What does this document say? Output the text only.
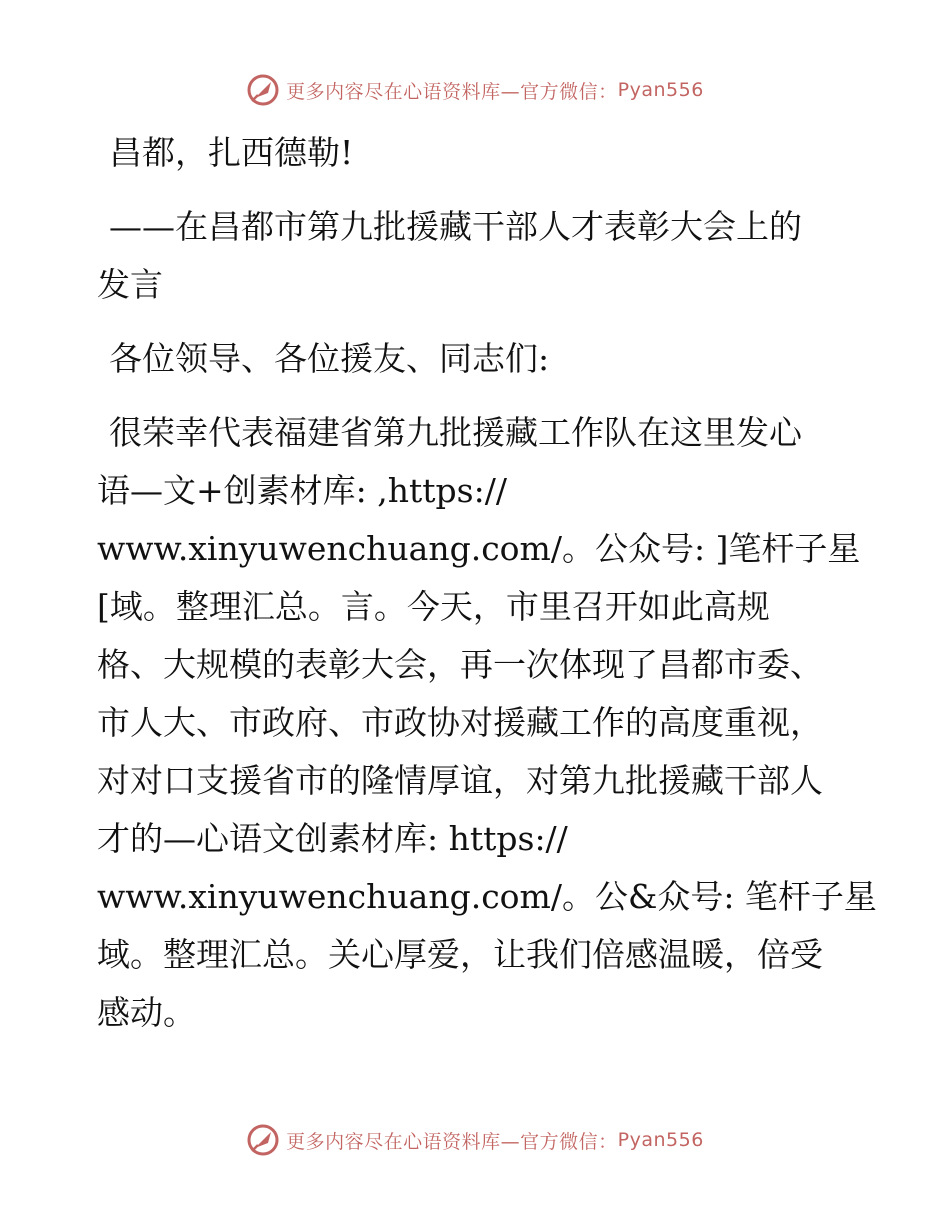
更多内容尽在心语资料库—官方微信： Pyan556
昌都，扎西德勒!
——在昌都市第九批援藏干部人才表彰大会上的
发言
各位领导、各位援友、同志们:
很荣幸代表福建省第九批援藏工作队在这里发心
语—文+创素材库: ,https://
www.xinyuwenchuang.com/。公众号: ]笔杆子星
[域。整理汇总。言。今天，市里召开如此高规
格、大规模的表彰大会，再一次体现了昌都市委、
市人大、市政府、市政协对援藏工作的高度重视，
对对口支援省市的隆情厚谊，对第九批援藏干部人
才的—心语文创素材库: https://
www.xinyuwenchuang.com/。公&众号: 笔杆子星
域。整理汇总。关心厚爱，让我们倍感温暖，倍受
感动。
更多内容尽在心语资料库—官方微信： Pyan556
